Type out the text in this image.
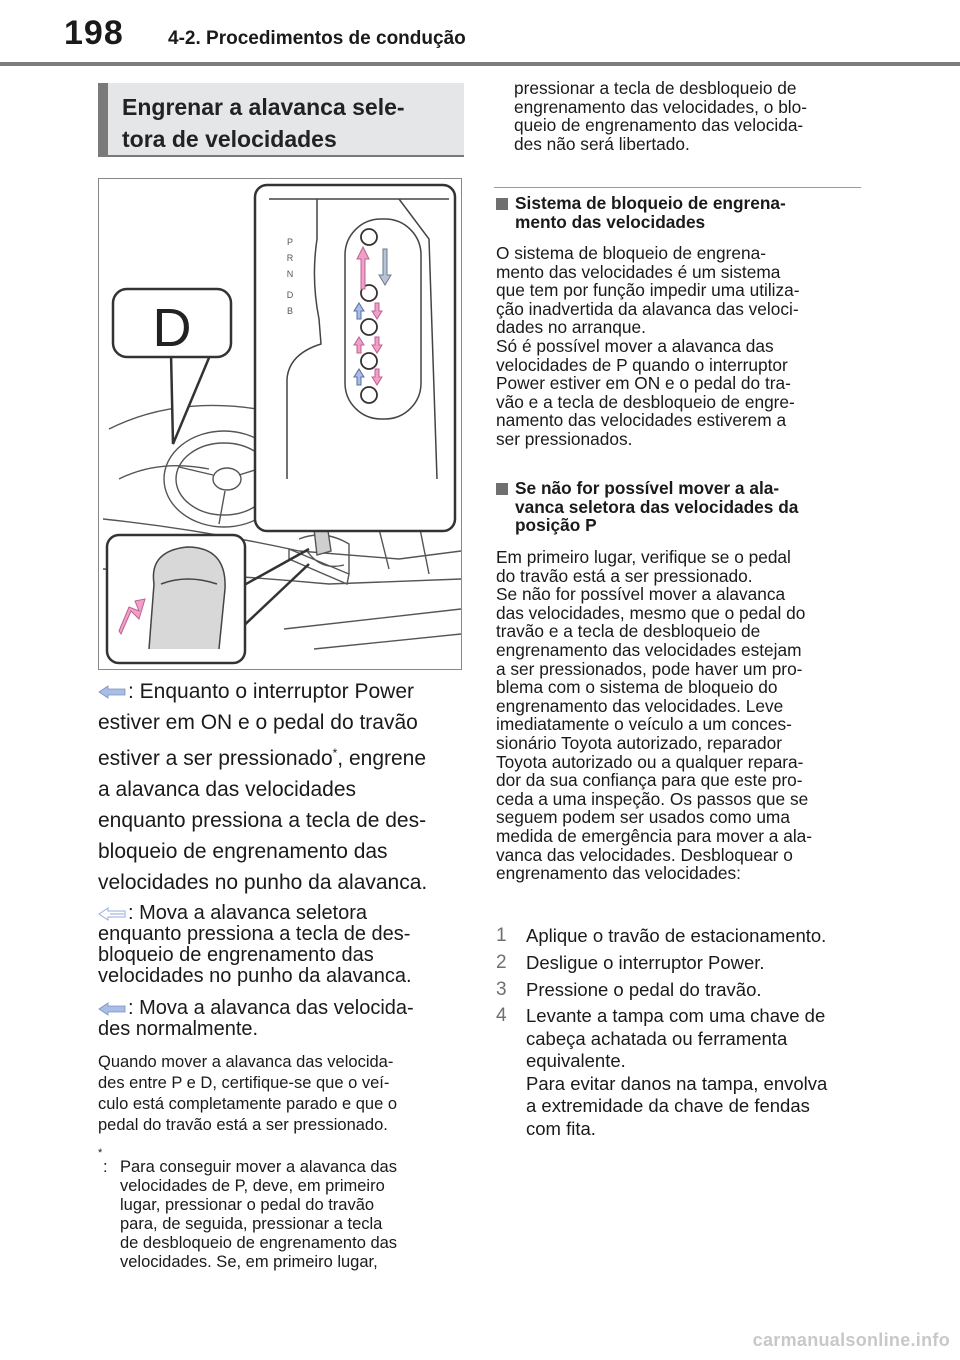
198 4-2. Procedimentos de condução
Engrenar a alavanca sele-
tora de velocidades
D
P
R
N
D
B
: Enquanto o interruptor Power
estiver em ON e o pedal do travão
estiver a ser pressionado*, engrene
a alavanca das velocidades
enquanto pressiona a tecla de des-
bloqueio de engrenamento das
velocidades no punho da alavanca.
: Mova a alavanca seletora
enquanto pressiona a tecla de des-
bloqueio de engrenamento das
velocidades no punho da alavanca.
: Mova a alavanca das velocida-
des normalmente.
Quando mover a alavanca das velocida-
des entre P e D, certifique-se que o veí-
culo está completamente parado e que o
pedal do travão está a ser pressionado.
*
: Para conseguir mover a alavanca das
velocidades de P, deve, em primeiro
lugar, pressionar o pedal do travão
para, de seguida, pressionar a tecla
de desbloqueio de engrenamento das
velocidades. Se, em primeiro lugar,
pressionar a tecla de desbloqueio de
engrenamento das velocidades, o blo-
queio de engrenamento das velocida-
des não será libertado.
Sistema de bloqueio de engrena-
mento das velocidades
O sistema de bloqueio de engrena-
mento das velocidades é um sistema
que tem por função impedir uma utiliza-
ção inadvertida da alavanca das veloci-
dades no arranque.
Só é possível mover a alavanca das
velocidades de P quando o interruptor
Power estiver em ON e o pedal do tra-
vão e a tecla de desbloqueio de engre-
namento das velocidades estiverem a
ser pressionados.
Se não for possível mover a ala-
vanca seletora das velocidades da
posição P
Em primeiro lugar, verifique se o pedal
do travão está a ser pressionado.
Se não for possível mover a alavanca
das velocidades, mesmo que o pedal do
travão e a tecla de desbloqueio de
engrenamento das velocidades estejam
a ser pressionados, pode haver um pro-
blema com o sistema de bloqueio do
engrenamento das velocidades. Leve
imediatamente o veículo a um conces-
sionário Toyota autorizado, reparador
Toyota autorizado ou a qualquer repara-
dor da sua confiança para que este pro-
ceda a uma inspeção. Os passos que se
seguem podem ser usados como uma
medida de emergência para mover a ala-
vanca das velocidades. Desbloquear o
engrenamento das velocidades:
1 Aplique o travão de estacionamento.
2 Desligue o interruptor Power.
3 Pressione o pedal do travão.
4 Levante a tampa com uma chave de
cabeça achatada ou ferramenta
equivalente.
Para evitar danos na tampa, envolva
a extremidade da chave de fendas
com fita.
carmanualsonline.info
